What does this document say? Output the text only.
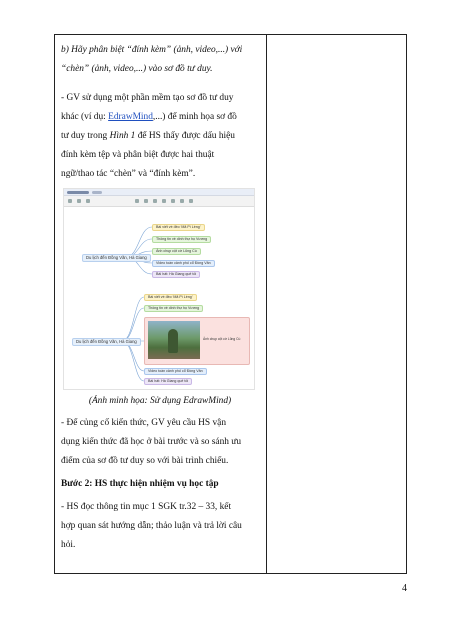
b) Hãy phân biệt “đính kèm” (ảnh, video,...) với

“chèn” (ảnh, video,...) vào sơ đồ tư duy.

- GV sử dụng một phần mềm tạo sơ đồ tư duy

khác (ví dụ: EdrawMind,...) để minh họa sơ đồ

tư duy trong Hình 1 để HS thấy được dấu hiệu

đính kèm tệp và phân biệt được hai thuật

ngữ/thao tác “chèn” và “đính kèm”.

Du lịch đến Đồng Văn, Hà Giang
Bài viết về đèo ‘Mã Pì Lèng’
Thông tin về dinh thự họ Vương
Ảnh chụp cột cờ Lũng Cú
Video toàn cảnh phố cổ Đồng Văn
Bài hát: Hà Giang quê tôi
Du lịch đến Đồng Văn, Hà Giang
Bài viết về đèo ‘Mã Pì Lèng’
Thông tin về dinh thự họ Vương
Ảnh chụp cột cờ Lũng Cú
Video toàn cảnh phố cổ Đồng Văn
Bài hát: Hà Giang quê tôi
(Ảnh minh họa: Sử dụng EdrawMind)

- Để củng cố kiến thức, GV yêu cầu HS vận

dụng kiến thức đã học ở bài trước và so sánh ưu

điểm của sơ đồ tư duy so với bài trình chiếu.

Bước 2: HS thực hiện nhiệm vụ học tập

- HS đọc thông tin mục 1 SGK tr.32 – 33, kết

hợp quan sát hướng dẫn; thảo luận và trả lời câu

hỏi.

4
